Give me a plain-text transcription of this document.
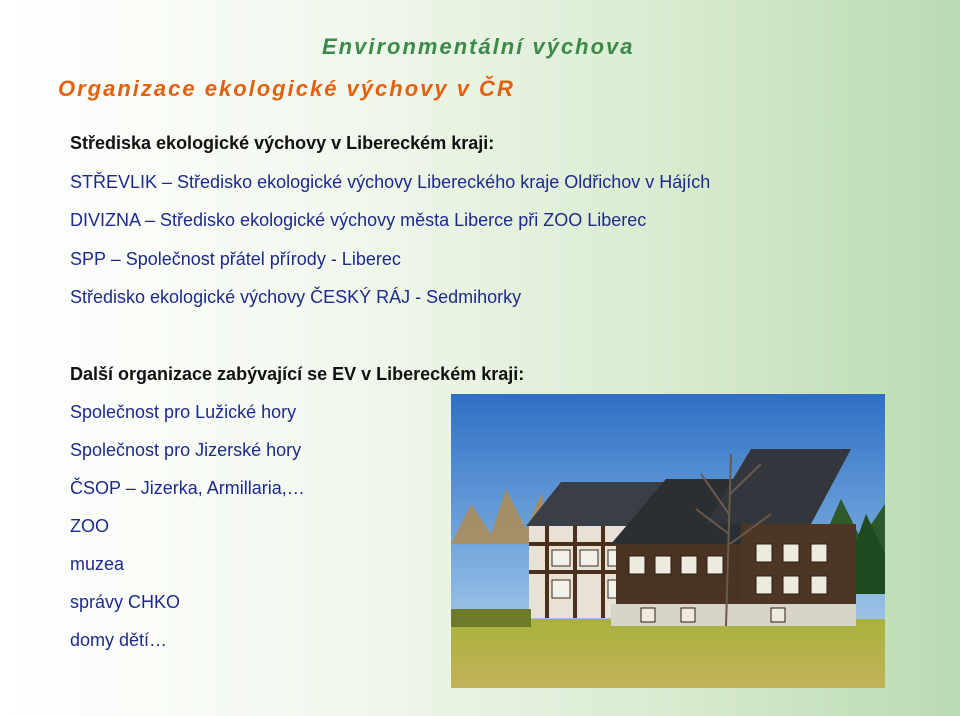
Environmentální výchova
Organizace ekologické výchovy v ČR
Střediska ekologické výchovy v Libereckém kraji:
STŘEVLIK – Středisko ekologické výchovy Libereckého kraje Oldřichov v Hájích
DIVIZNA – Středisko ekologické výchovy města Liberce při ZOO Liberec
SPP – Společnost přátel přírody - Liberec
Středisko ekologické výchovy ČESKÝ RÁJ - Sedmihorky
Další organizace zabývající se EV v Libereckém kraji:
Společnost pro Lužické hory
Společnost pro Jizerské hory
ČSOP – Jizerka, Armillaria,…
ZOO
muzea
správy CHKO
domy dětí…
